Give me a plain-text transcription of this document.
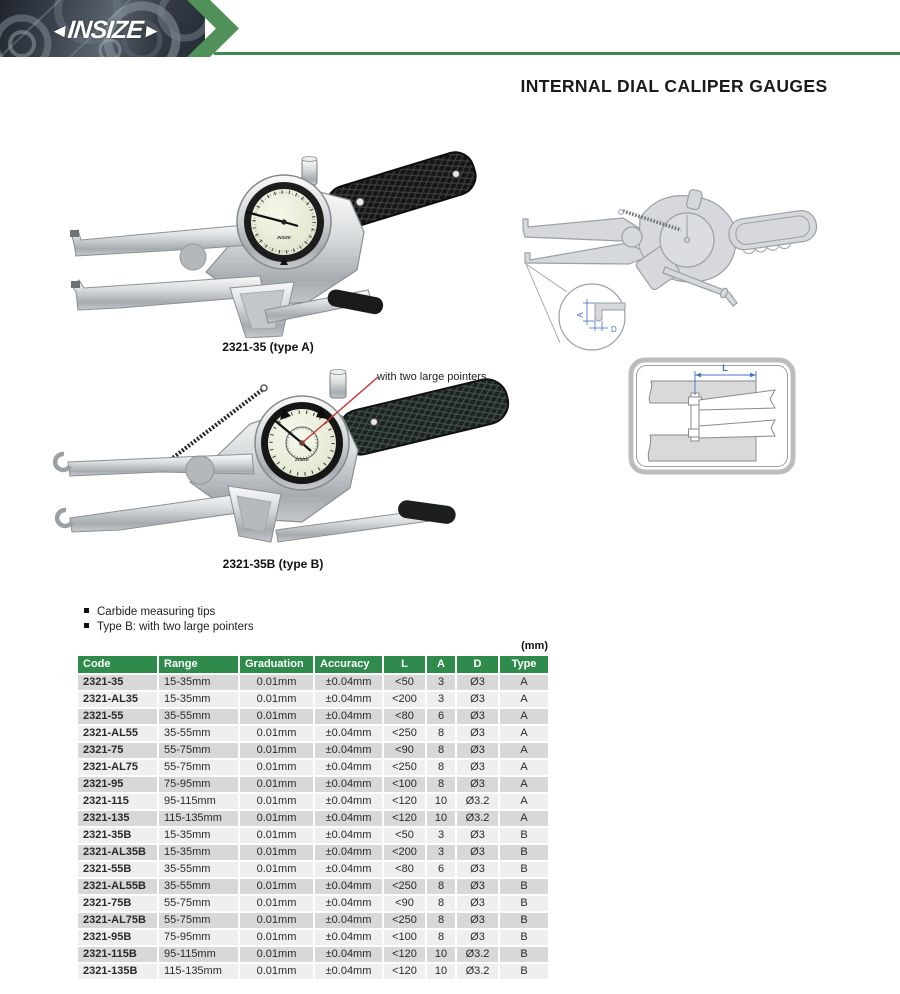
◄INSIZE►
INTERNAL DIAL CALIPER GAUGES
INSIZE
2321-35 (type A)
INSIZE
with two large pointers
2321-35B (type B)
A
D
L
Carbide measuring tips
Type B: with two large pointers
(mm)
Code	Range	Graduation	Accuracy	L	A	D	Type
2321-35	15-35mm	0.01mm	±0.04mm	<50	3	Ø3	A
2321-AL35	15-35mm	0.01mm	±0.04mm	<200	3	Ø3	A
2321-55	35-55mm	0.01mm	±0.04mm	<80	6	Ø3	A
2321-AL55	35-55mm	0.01mm	±0.04mm	<250	8	Ø3	A
2321-75	55-75mm	0.01mm	±0.04mm	<90	8	Ø3	A
2321-AL75	55-75mm	0.01mm	±0.04mm	<250	8	Ø3	A
2321-95	75-95mm	0.01mm	±0.04mm	<100	8	Ø3	A
2321-115	95-115mm	0.01mm	±0.04mm	<120	10	Ø3.2	A
2321-135	115-135mm	0.01mm	±0.04mm	<120	10	Ø3.2	A
2321-35B	15-35mm	0.01mm	±0.04mm	<50	3	Ø3	B
2321-AL35B	15-35mm	0.01mm	±0.04mm	<200	3	Ø3	B
2321-55B	35-55mm	0.01mm	±0.04mm	<80	6	Ø3	B
2321-AL55B	35-55mm	0.01mm	±0.04mm	<250	8	Ø3	B
2321-75B	55-75mm	0.01mm	±0.04mm	<90	8	Ø3	B
2321-AL75B	55-75mm	0.01mm	±0.04mm	<250	8	Ø3	B
2321-95B	75-95mm	0.01mm	±0.04mm	<100	8	Ø3	B
2321-115B	95-115mm	0.01mm	±0.04mm	<120	10	Ø3.2	B
2321-135B	115-135mm	0.01mm	±0.04mm	<120	10	Ø3.2	B
